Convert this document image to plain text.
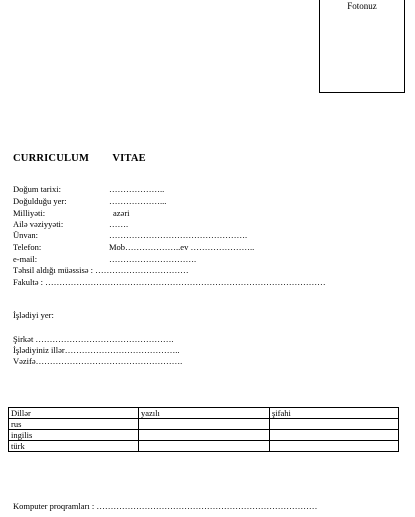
Fotonuz
CURRICULUM   VITAE
Doğum tarixi:	………………..
Doğulduğu yer:	………………...
Milliyəti:	azəri
Ailə vəziyyəti:	…….
Ünvan:	………………………………………….
Telefon:	Mob………………..ev …………………..
e-mail:	………………………….
Təhsil aldığı müəssisə : ……………………………
Fakultə : ………………………………………………………………………………………
İşlədiyi yer:
Şirkət ………………………………………….
İşlədiyiniz illər…………………………………..
Vəzifə…………………………………………….
Dillər	yazılı	şifahi
rus		
ingilis		
türk		
Komputer proqramları : ……………………………………………………………………
